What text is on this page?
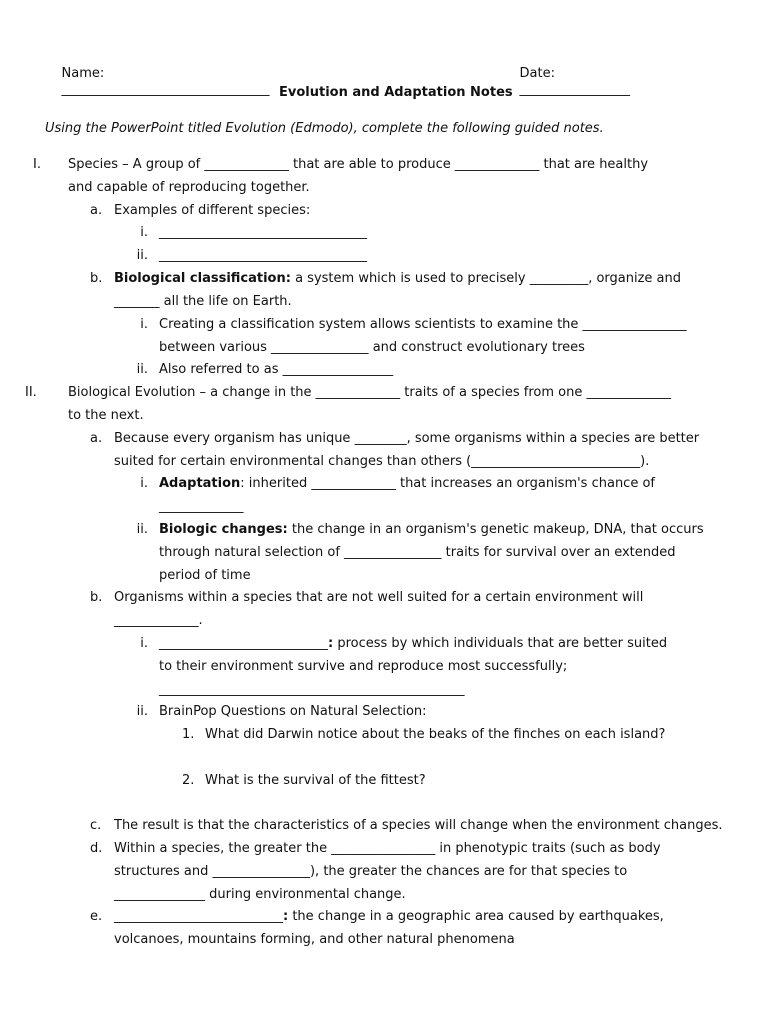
Name:
________________________________

Date:
_________________

Evolution and Adaptation Notes
Using the PowerPoint titled Evolution (Edmodo), complete the following guided notes.
I. Species – A group of _____________ that are able to produce _____________ that are healthy
and capable of reproducing together.
a. Examples of different species:
i. ________________________________
ii. ________________________________
b. Biological classification: a system which is used to precisely _________, organize and
_______ all the life on Earth.
i. Creating a classification system allows scientists to examine the ________________
between various _______________ and construct evolutionary trees
ii. Also referred to as _________________
II. Biological Evolution – a change in the _____________ traits of a species from one _____________
to the next.
a. Because every organism has unique ________, some organisms within a species are better
suited for certain environmental changes than others (__________________________).
i. Adaptation: inherited _____________ that increases an organism's chance of
_____________
ii. Biologic changes: the change in an organism's genetic makeup, DNA, that occurs
through natural selection of _______________ traits for survival over an extended
period of time
b. Organisms within a species that are not well suited for a certain environment will
_____________.
i. __________________________: process by which individuals that are better suited
to their environment survive and reproduce most successfully;
_______________________________________________
ii. BrainPop Questions on Natural Selection:
1. What did Darwin notice about the beaks of the finches on each island?
2. What is the survival of the fittest?
c. The result is that the characteristics of a species will change when the environment changes.
d. Within a species, the greater the ________________ in phenotypic traits (such as body
structures and _______________), the greater the chances are for that species to
______________ during environmental change.
e. __________________________: the change in a geographic area caused by earthquakes,
volcanoes, mountains forming, and other natural phenomena
